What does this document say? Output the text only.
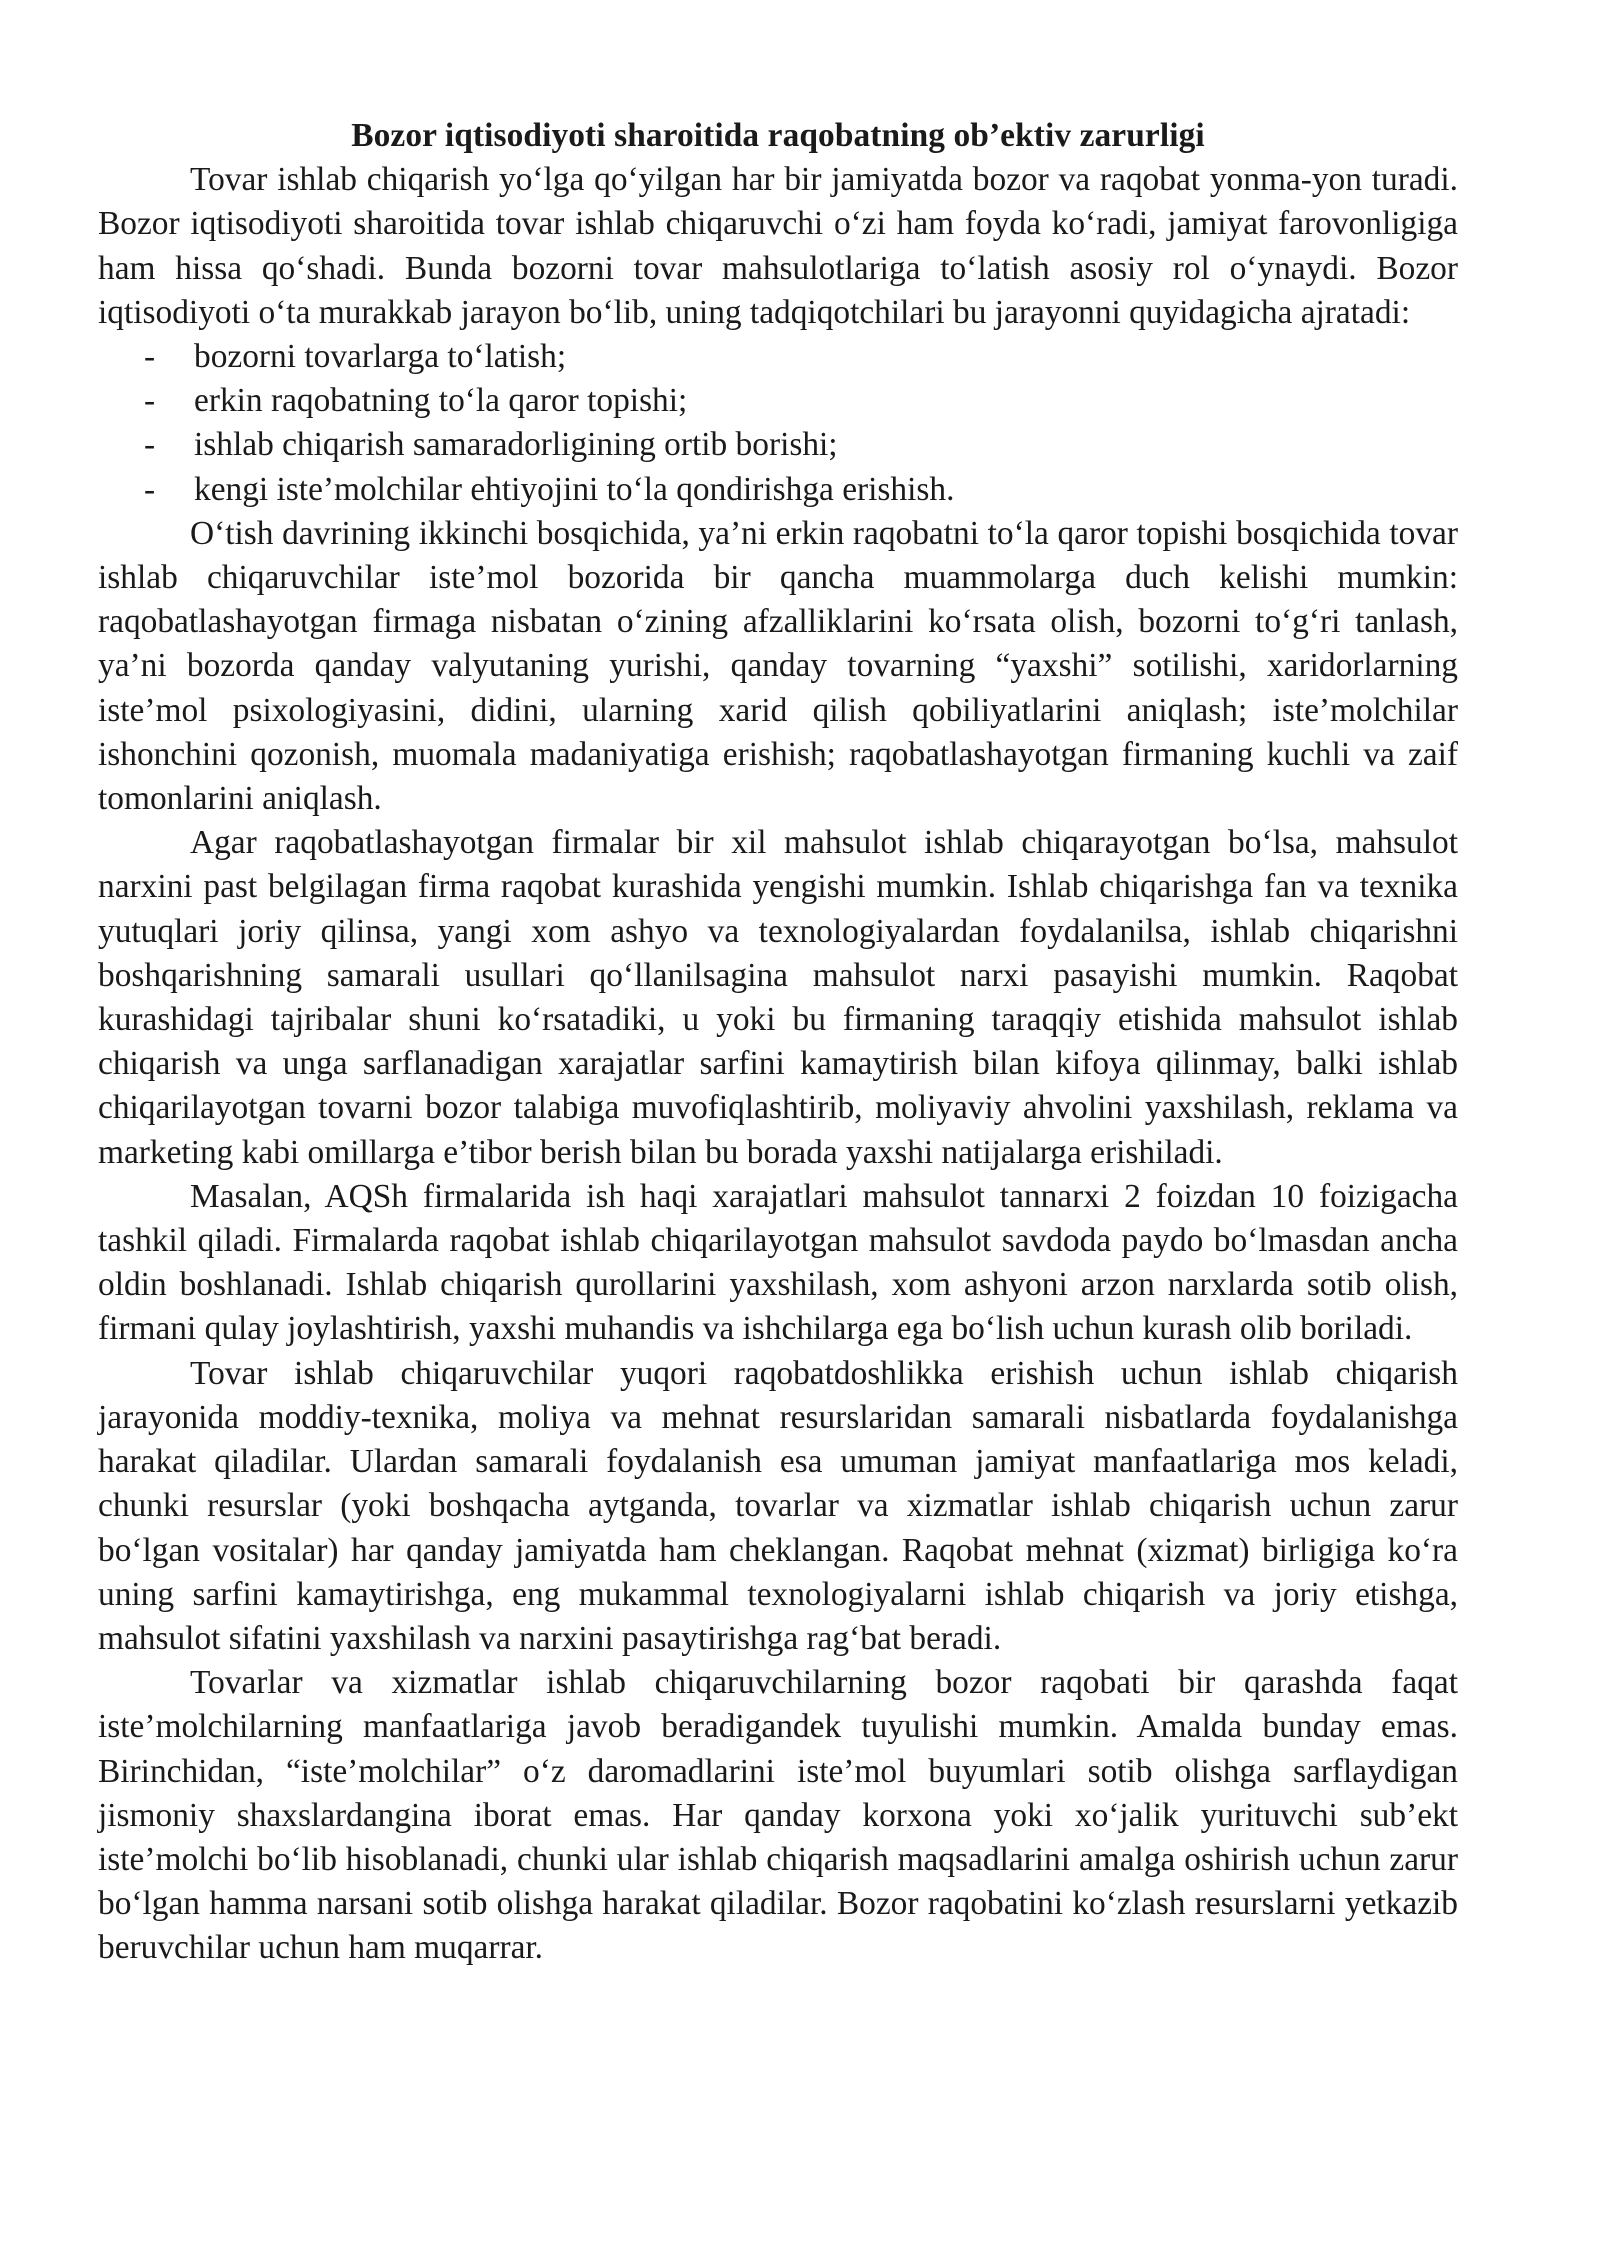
Bozor iqtisodiyoti sharoitida raqobatning ob’ektiv zarurligi

Tovar ishlab chiqarish yo‘lga qo‘yilgan har bir jamiyatda bozor va raqobat yonma-yon turadi. Bozor iqtisodiyoti sharoitida tovar ishlab chiqaruvchi o‘zi ham foyda ko‘radi, jamiyat farovonligiga ham hissa qo‘shadi. Bunda bozorni tovar mahsulotlariga to‘latish asosiy rol o‘ynaydi. Bozor iqtisodiyoti o‘ta murakkab jarayon bo‘lib, uning tadqiqotchilari bu jarayonni quyidagicha ajratadi:

- bozorni tovarlarga to‘latish;
- erkin raqobatning to‘la qaror topishi;
- ishlab chiqarish samaradorligining ortib borishi;
- kengi iste’molchilar ehtiyojini to‘la qondirishga erishish.

O‘tish davrining ikkinchi bosqichida, ya’ni erkin raqobatni to‘la qaror topishi bosqichida tovar ishlab chiqaruvchilar iste’mol bozorida bir qancha muammolarga duch kelishi mumkin: raqobatlashayotgan firmaga nisbatan o‘zining afzalliklarini ko‘rsata olish, bozorni to‘g‘ri tanlash, ya’ni bozorda qanday valyutaning yurishi, qanday tovarning “yaxshi” sotilishi, xaridorlarning iste’mol psixologiyasini, didini, ularning xarid qilish qobiliyatlarini aniqlash; iste’molchilar ishonchini qozonish, muomala madaniyatiga erishish; raqobatlashayotgan firmaning kuchli va zaif tomonlarini aniqlash.

Agar raqobatlashayotgan firmalar bir xil mahsulot ishlab chiqarayotgan bo‘lsa, mahsulot narxini past belgilagan firma raqobat kurashida yengishi mumkin. Ishlab chiqarishga fan va texnika yutuqlari joriy qilinsa, yangi xom ashyo va texnologiyalardan foydalanilsa, ishlab chiqarishni boshqarishning samarali usullari qo‘llanilsagina mahsulot narxi pasayishi mumkin. Raqobat kurashidagi tajribalar shuni ko‘rsatadiki, u yoki bu firmaning taraqqiy etishida mahsulot ishlab chiqarish va unga sarflanadigan xarajatlar sarfini kamaytirish bilan kifoya qilinmay, balki ishlab chiqarilayotgan tovarni bozor talabiga muvofiqlashtirib, moliyaviy ahvolini yaxshilash, reklama va marketing kabi omillarga e’tibor berish bilan bu borada yaxshi natijalarga erishiladi.

Masalan, AQSh firmalarida ish haqi xarajatlari mahsulot tannarxi 2 foizdan 10 foizigacha tashkil qiladi. Firmalarda raqobat ishlab chiqarilayotgan mahsulot savdoda paydo bo‘lmasdan ancha oldin boshlanadi. Ishlab chiqarish qurollarini yaxshilash, xom ashyoni arzon narxlarda sotib olish, firmani qulay joylashtirish, yaxshi muhandis va ishchilarga ega bo‘lish uchun kurash olib boriladi.

Tovar ishlab chiqaruvchilar yuqori raqobatdoshlikka erishish uchun ishlab chiqarish jarayonida moddiy-texnika, moliya va mehnat resurslaridan samarali nisbatlarda foydalanishga harakat qiladilar. Ulardan samarali foydalanish esa umuman jamiyat manfaatlariga mos keladi, chunki resurslar (yoki boshqacha aytganda, tovarlar va xizmatlar ishlab chiqarish uchun zarur bo‘lgan vositalar) har qanday jamiyatda ham cheklangan. Raqobat mehnat (xizmat) birligiga ko‘ra uning sarfini kamaytirishga, eng mukammal texnologiyalarni ishlab chiqarish va joriy etishga, mahsulot sifatini yaxshilash va narxini pasaytirishga rag‘bat beradi.

Tovarlar va xizmatlar ishlab chiqaruvchilarning bozor raqobati bir qarashda faqat iste’molchilarning manfaatlariga javob beradigandek tuyulishi mumkin. Amalda bunday emas. Birinchidan, “iste’molchilar” o‘z daromadlarini iste’mol buyumlari sotib olishga sarflaydigan jismoniy shaxslardangina iborat emas. Har qanday korxona yoki xo‘jalik yurituvchi sub’ekt iste’molchi bo‘lib hisoblanadi, chunki ular ishlab chiqarish maqsadlarini amalga oshirish uchun zarur bo‘lgan hamma narsani sotib olishga harakat qiladilar. Bozor raqobatini ko‘zlash resurslarni yetkazib beruvchilar uchun ham muqarrar.
